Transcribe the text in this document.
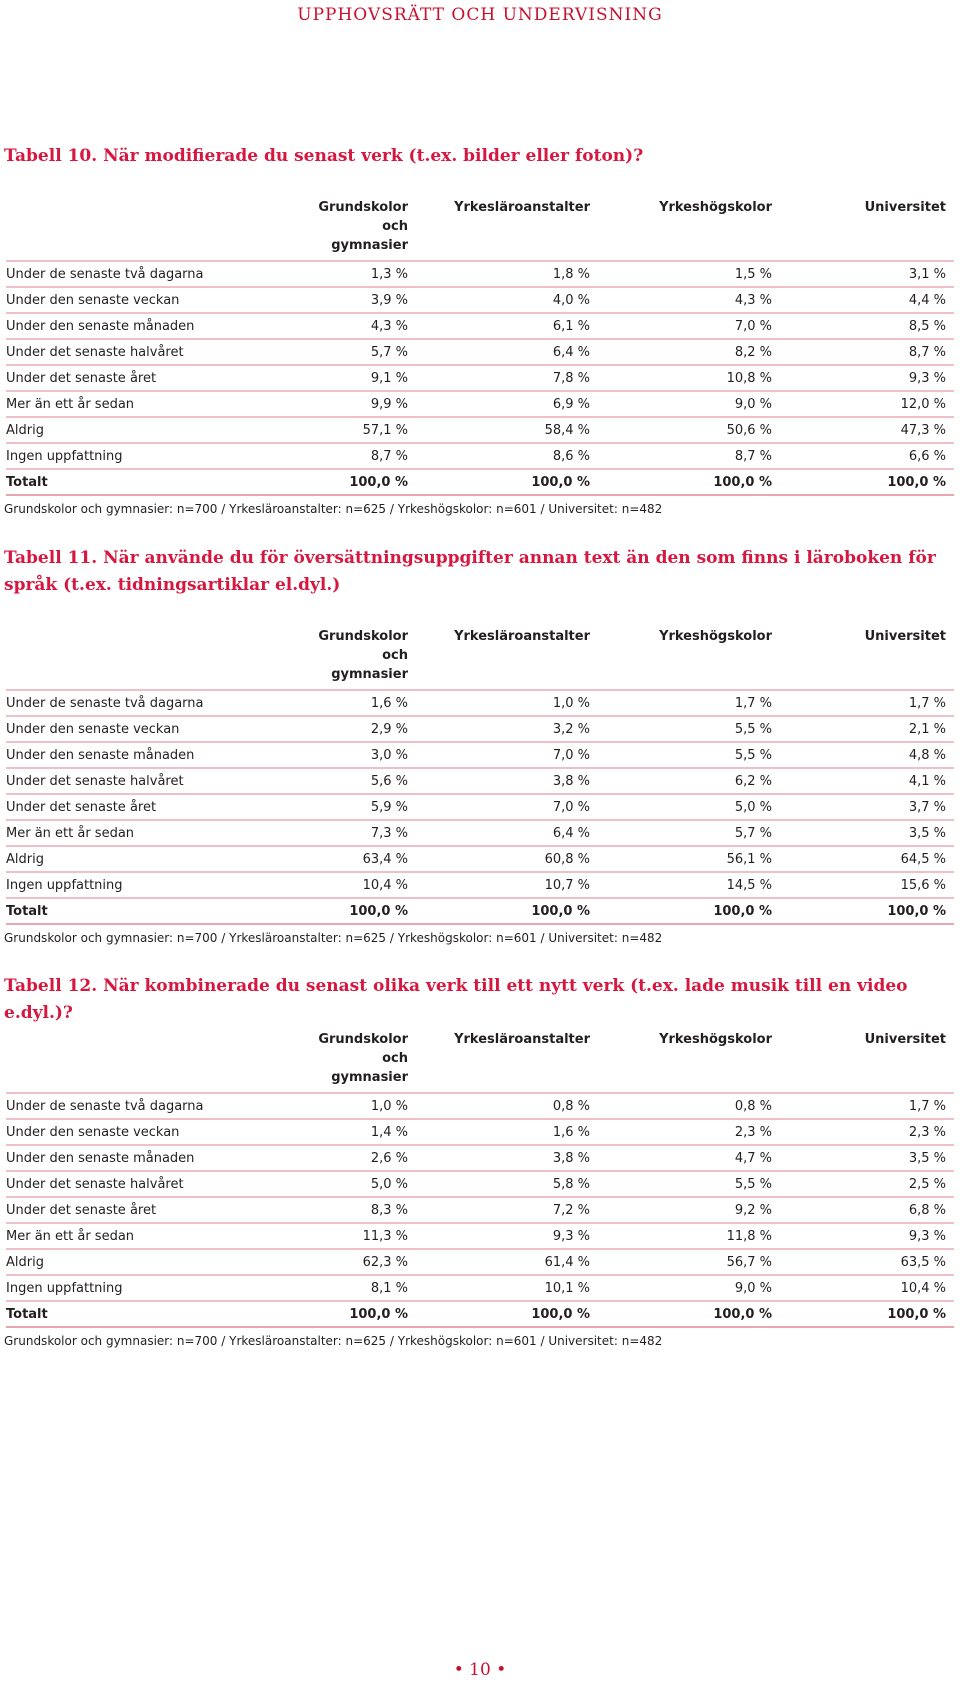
UPPHOVSRÄTT OCH UNDERVISNING

Tabell 10. När modifierade du senast verk (t.ex. bilder eller foton)?

	Grundskolor och gymnasier	Yrkesläroanstalter	Yrkeshögskolor	Universitet
Under de senaste två dagarna	1,3 %	1,8 %	1,5 %	3,1 %
Under den senaste veckan	3,9 %	4,0 %	4,3 %	4,4 %
Under den senaste månaden	4,3 %	6,1 %	7,0 %	8,5 %
Under det senaste halvåret	5,7 %	6,4 %	8,2 %	8,7 %
Under det senaste året	9,1 %	7,8 %	10,8 %	9,3 %
Mer än ett år sedan	9,9 %	6,9 %	9,0 %	12,0 %
Aldrig	57,1 %	58,4 %	50,6 %	47,3 %
Ingen uppfattning	8,7 %	8,6 %	8,7 %	6,6 %
Totalt	100,0 %	100,0 %	100,0 %	100,0 %
Grundskolor och gymnasier: n=700 / Yrkesläroanstalter: n=625 / Yrkeshögskolor: n=601 / Universitet: n=482

Tabell 11. När använde du för översättningsuppgifter annan text än den som finns i läroboken för språk (t.ex. tidningsartiklar el.dyl.)

	Grundskolor och gymnasier	Yrkesläroanstalter	Yrkeshögskolor	Universitet
Under de senaste två dagarna	1,6 %	1,0 %	1,7 %	1,7 %
Under den senaste veckan	2,9 %	3,2 %	5,5 %	2,1 %
Under den senaste månaden	3,0 %	7,0 %	5,5 %	4,8 %
Under det senaste halvåret	5,6 %	3,8 %	6,2 %	4,1 %
Under det senaste året	5,9 %	7,0 %	5,0 %	3,7 %
Mer än ett år sedan	7,3 %	6,4 %	5,7 %	3,5 %
Aldrig	63,4 %	60,8 %	56,1 %	64,5 %
Ingen uppfattning	10,4 %	10,7 %	14,5 %	15,6 %
Totalt	100,0 %	100,0 %	100,0 %	100,0 %
Grundskolor och gymnasier: n=700 / Yrkesläroanstalter: n=625 / Yrkeshögskolor: n=601 / Universitet: n=482

Tabell 12. När kombinerade du senast olika verk till ett nytt verk (t.ex. lade musik till en video e.dyl.)?

	Grundskolor och gymnasier	Yrkesläroanstalter	Yrkeshögskolor	Universitet
Under de senaste två dagarna	1,0 %	0,8 %	0,8 %	1,7 %
Under den senaste veckan	1,4 %	1,6 %	2,3 %	2,3 %
Under den senaste månaden	2,6 %	3,8 %	4,7 %	3,5 %
Under det senaste halvåret	5,0 %	5,8 %	5,5 %	2,5 %
Under det senaste året	8,3 %	7,2 %	9,2 %	6,8 %
Mer än ett år sedan	11,3 %	9,3 %	11,8 %	9,3 %
Aldrig	62,3 %	61,4 %	56,7 %	63,5 %
Ingen uppfattning	8,1 %	10,1 %	9,0 %	10,4 %
Totalt	100,0 %	100,0 %	100,0 %	100,0 %
Grundskolor och gymnasier: n=700 / Yrkesläroanstalter: n=625 / Yrkeshögskolor: n=601 / Universitet: n=482
• 10 •
